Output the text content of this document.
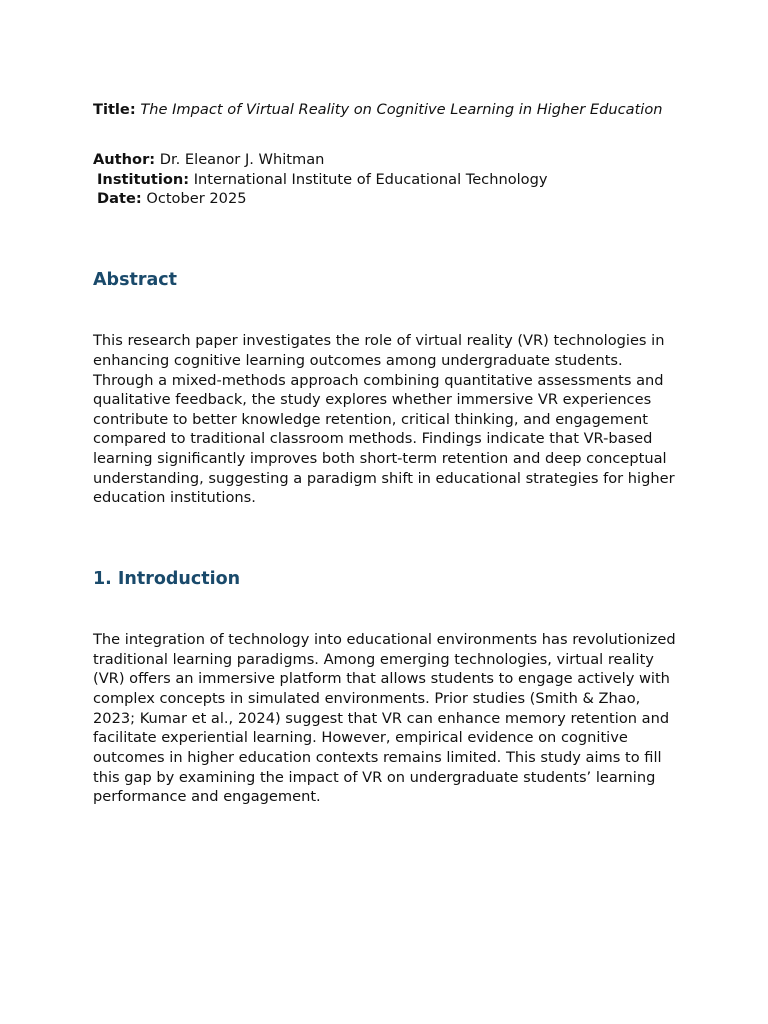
Title: The Impact of Virtual Reality on Cognitive Learning in Higher Education

Author: Dr. Eleanor J. Whitman

Institution: International Institute of Educational Technology

Date: October 2025

Abstract

This research paper investigates the role of virtual reality (VR) technologies in enhancing cognitive learning outcomes among undergraduate students. Through a mixed-methods approach combining quantitative assessments and qualitative feedback, the study explores whether immersive VR experiences contribute to better knowledge retention, critical thinking, and engagement compared to traditional classroom methods. Findings indicate that VR-based learning significantly improves both short-term retention and deep conceptual understanding, suggesting a paradigm shift in educational strategies for higher education institutions.

1. Introduction

The integration of technology into educational environments has revolutionized traditional learning paradigms. Among emerging technologies, virtual reality (VR) offers an immersive platform that allows students to engage actively with complex concepts in simulated environments. Prior studies (Smith & Zhao, 2023; Kumar et al., 2024) suggest that VR can enhance memory retention and facilitate experiential learning. However, empirical evidence on cognitive outcomes in higher education contexts remains limited. This study aims to fill this gap by examining the impact of VR on undergraduate students’ learning performance and engagement.
